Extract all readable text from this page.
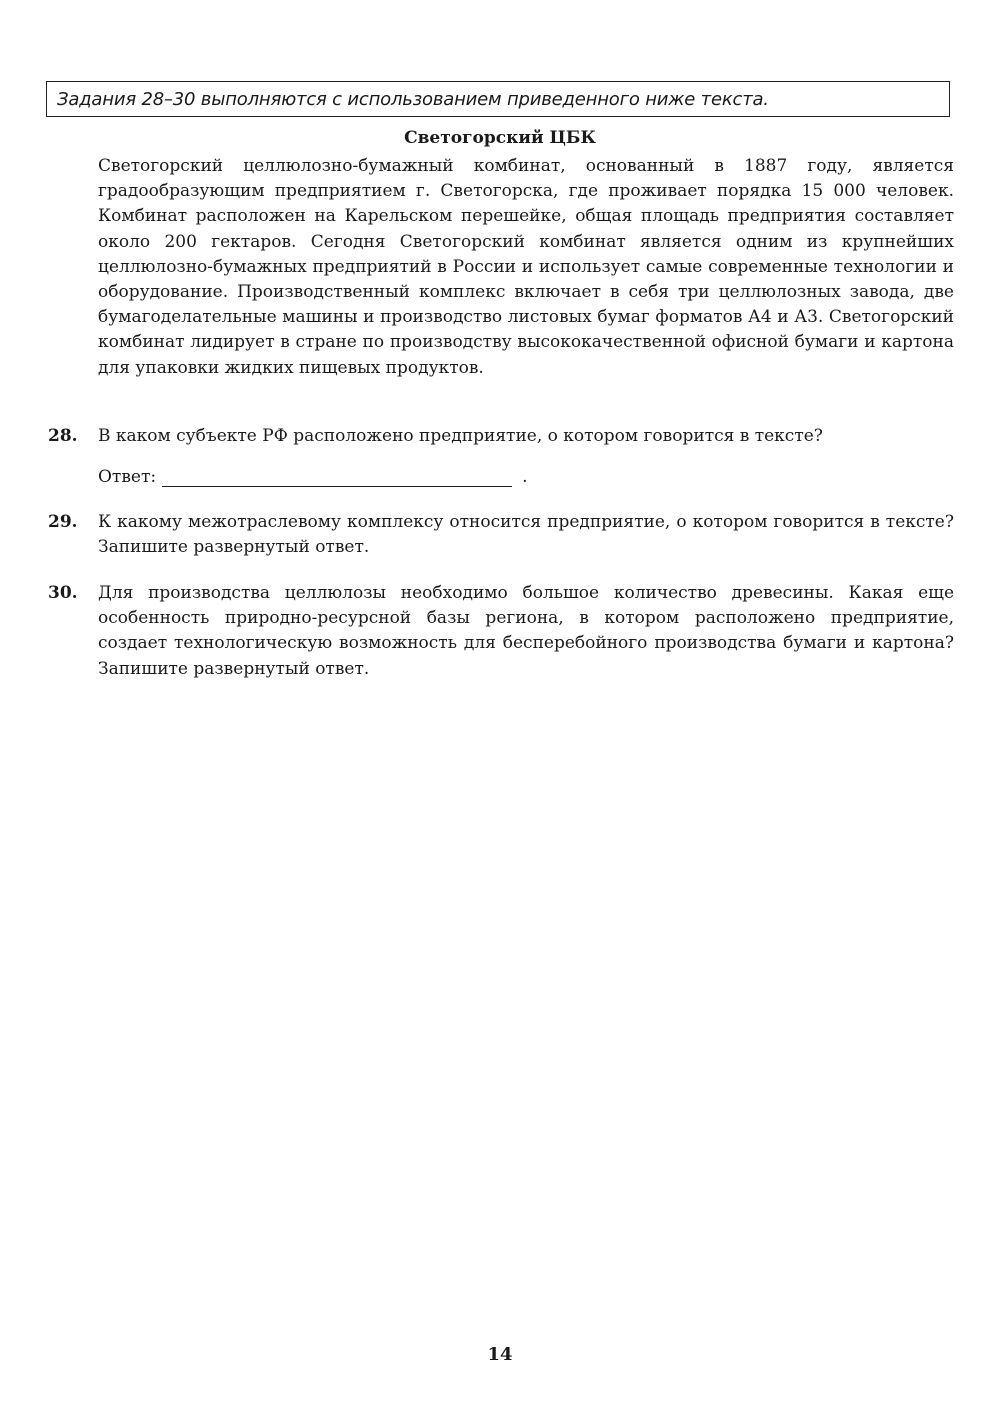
Задания 28–30 выполняются с использованием приведенного ниже текста.
Светогорский ЦБК
Светогорский целлюлозно-бумажный комбинат, основанный в 1887 году, является градообразующим предприятием г. Светогорска, где проживает порядка 15 000 человек. Комбинат расположен на Карельском перешейке, общая площадь предприятия составляет около 200 гектаров. Сегодня Светогорский комбинат является одним из крупнейших целлюлозно-бумажных предприятий в России и использует самые современные технологии и оборудование. Производственный комплекс включает в себя три целлюлозных завода, две бумагоделательные машины и производство листовых бумаг форматов А4 и А3. Светогорский комбинат лидирует в стране по производству высококачественной офисной бумаги и картона для упаковки жидких пищевых продуктов.
28. В каком субъекте РФ расположено предприятие, о котором говорится в тексте?
Ответ:	.
29. К какому межотраслевому комплексу относится предприятие, о котором говорится в тексте? Запишите развернутый ответ.
30. Для производства целлюлозы необходимо большое количество древесины. Какая еще особенность природно-ресурсной базы региона, в котором расположено предприятие, создает технологическую возможность для бесперебойного производства бумаги и картона? Запишите развернутый ответ.
14
